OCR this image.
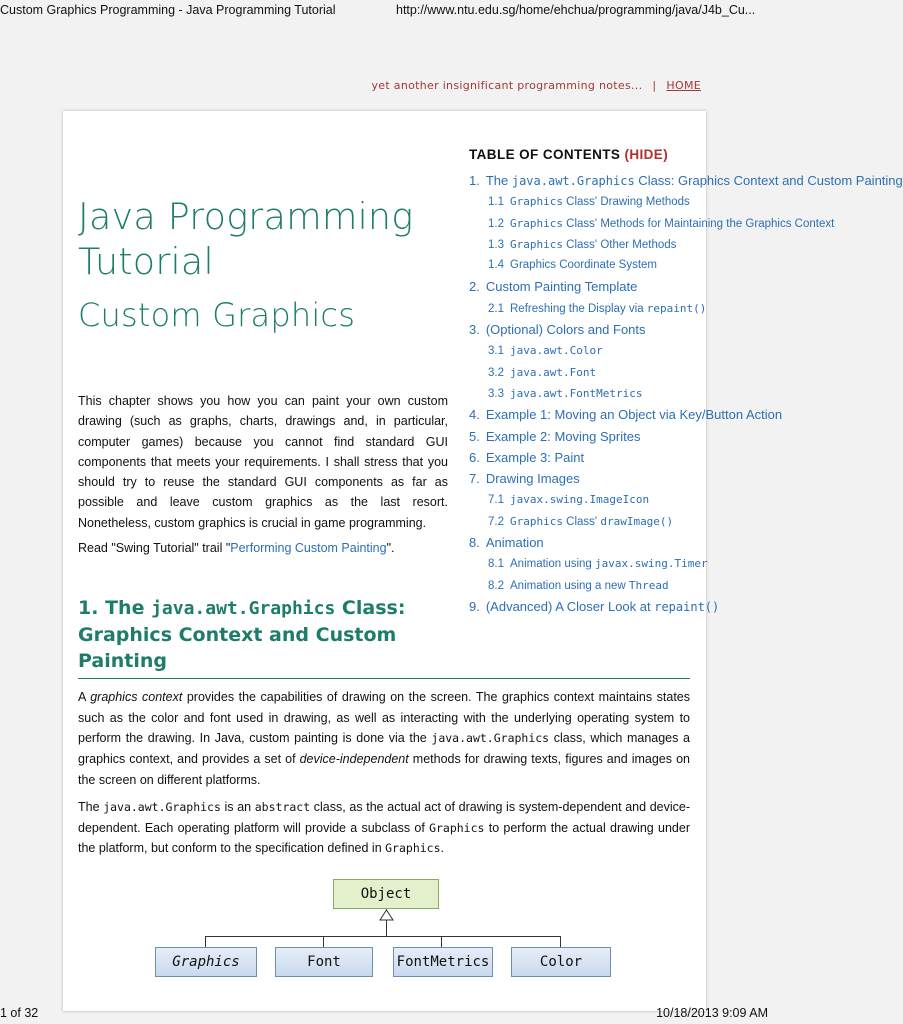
Custom Graphics Programming - Java Programming Tutorial	http://www.ntu.edu.sg/home/ehchua/programming/java/J4b_Cu...
yet another insignificant programming notes... | HOME
Java Programming Tutorial
Custom Graphics
This chapter shows you how you can paint your own custom drawing (such as graphs, charts, drawings and, in particular, computer games) because you cannot find standard GUI components that meets your requirements. I shall stress that you should try to reuse the standard GUI components as far as possible and leave custom graphics as the last resort. Nonetheless, custom graphics is crucial in game programming.
Read "Swing Tutorial" trail "Performing Custom Painting".
TABLE OF CONTENTS (HIDE)
1. The java.awt.Graphics Class: Graphics Context and Custom Painting
1.1 Graphics Class' Drawing Methods
1.2 Graphics Class' Methods for Maintaining the Graphics Context
1.3 Graphics Class' Other Methods
1.4 Graphics Coordinate System
2. Custom Painting Template
2.1 Refreshing the Display via repaint()
3. (Optional) Colors and Fonts
3.1 java.awt.Color
3.2 java.awt.Font
3.3 java.awt.FontMetrics
4. Example 1: Moving an Object via Key/Button Action
5. Example 2: Moving Sprites
6. Example 3: Paint
7. Drawing Images
7.1 javax.swing.ImageIcon
7.2 Graphics Class' drawImage()
8. Animation
8.1 Animation using javax.swing.Timer
8.2 Animation using a new Thread
9. (Advanced) A Closer Look at repaint()
1. The java.awt.Graphics Class: Graphics Context and Custom Painting
A graphics context provides the capabilities of drawing on the screen. The graphics context maintains states such as the color and font used in drawing, as well as interacting with the underlying operating system to perform the drawing. In Java, custom painting is done via the java.awt.Graphics class, which manages a graphics context, and provides a set of device-independent methods for drawing texts, figures and images on the screen on different platforms.
The java.awt.Graphics is an abstract class, as the actual act of drawing is system-dependent and device-dependent. Each operating platform will provide a subclass of Graphics to perform the actual drawing under the platform, but conform to the specification defined in Graphics.
Object
Graphics	Font	FontMetrics	Color
1 of 32	10/18/2013 9:09 AM
